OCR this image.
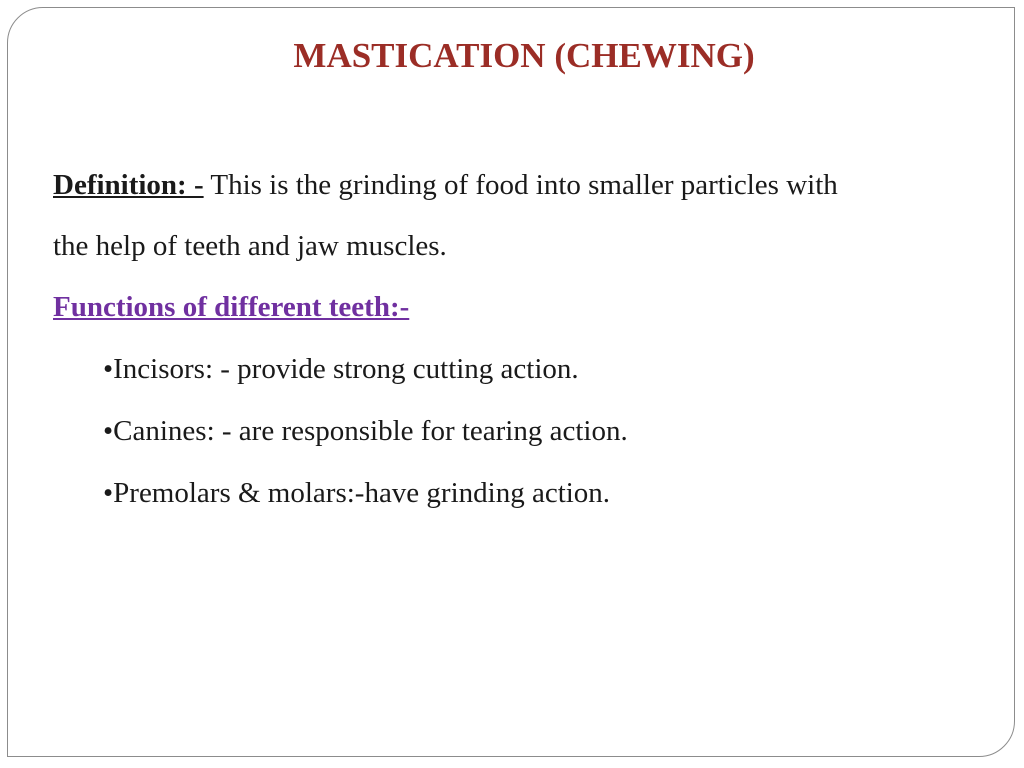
MASTICATION (CHEWING)
Definition: - This is the grinding of food into smaller particles with
the help of teeth and jaw muscles.
Functions of different teeth:-
•Incisors: - provide strong cutting action.
•Canines: - are responsible for tearing action.
•Premolars & molars:-have grinding action.
